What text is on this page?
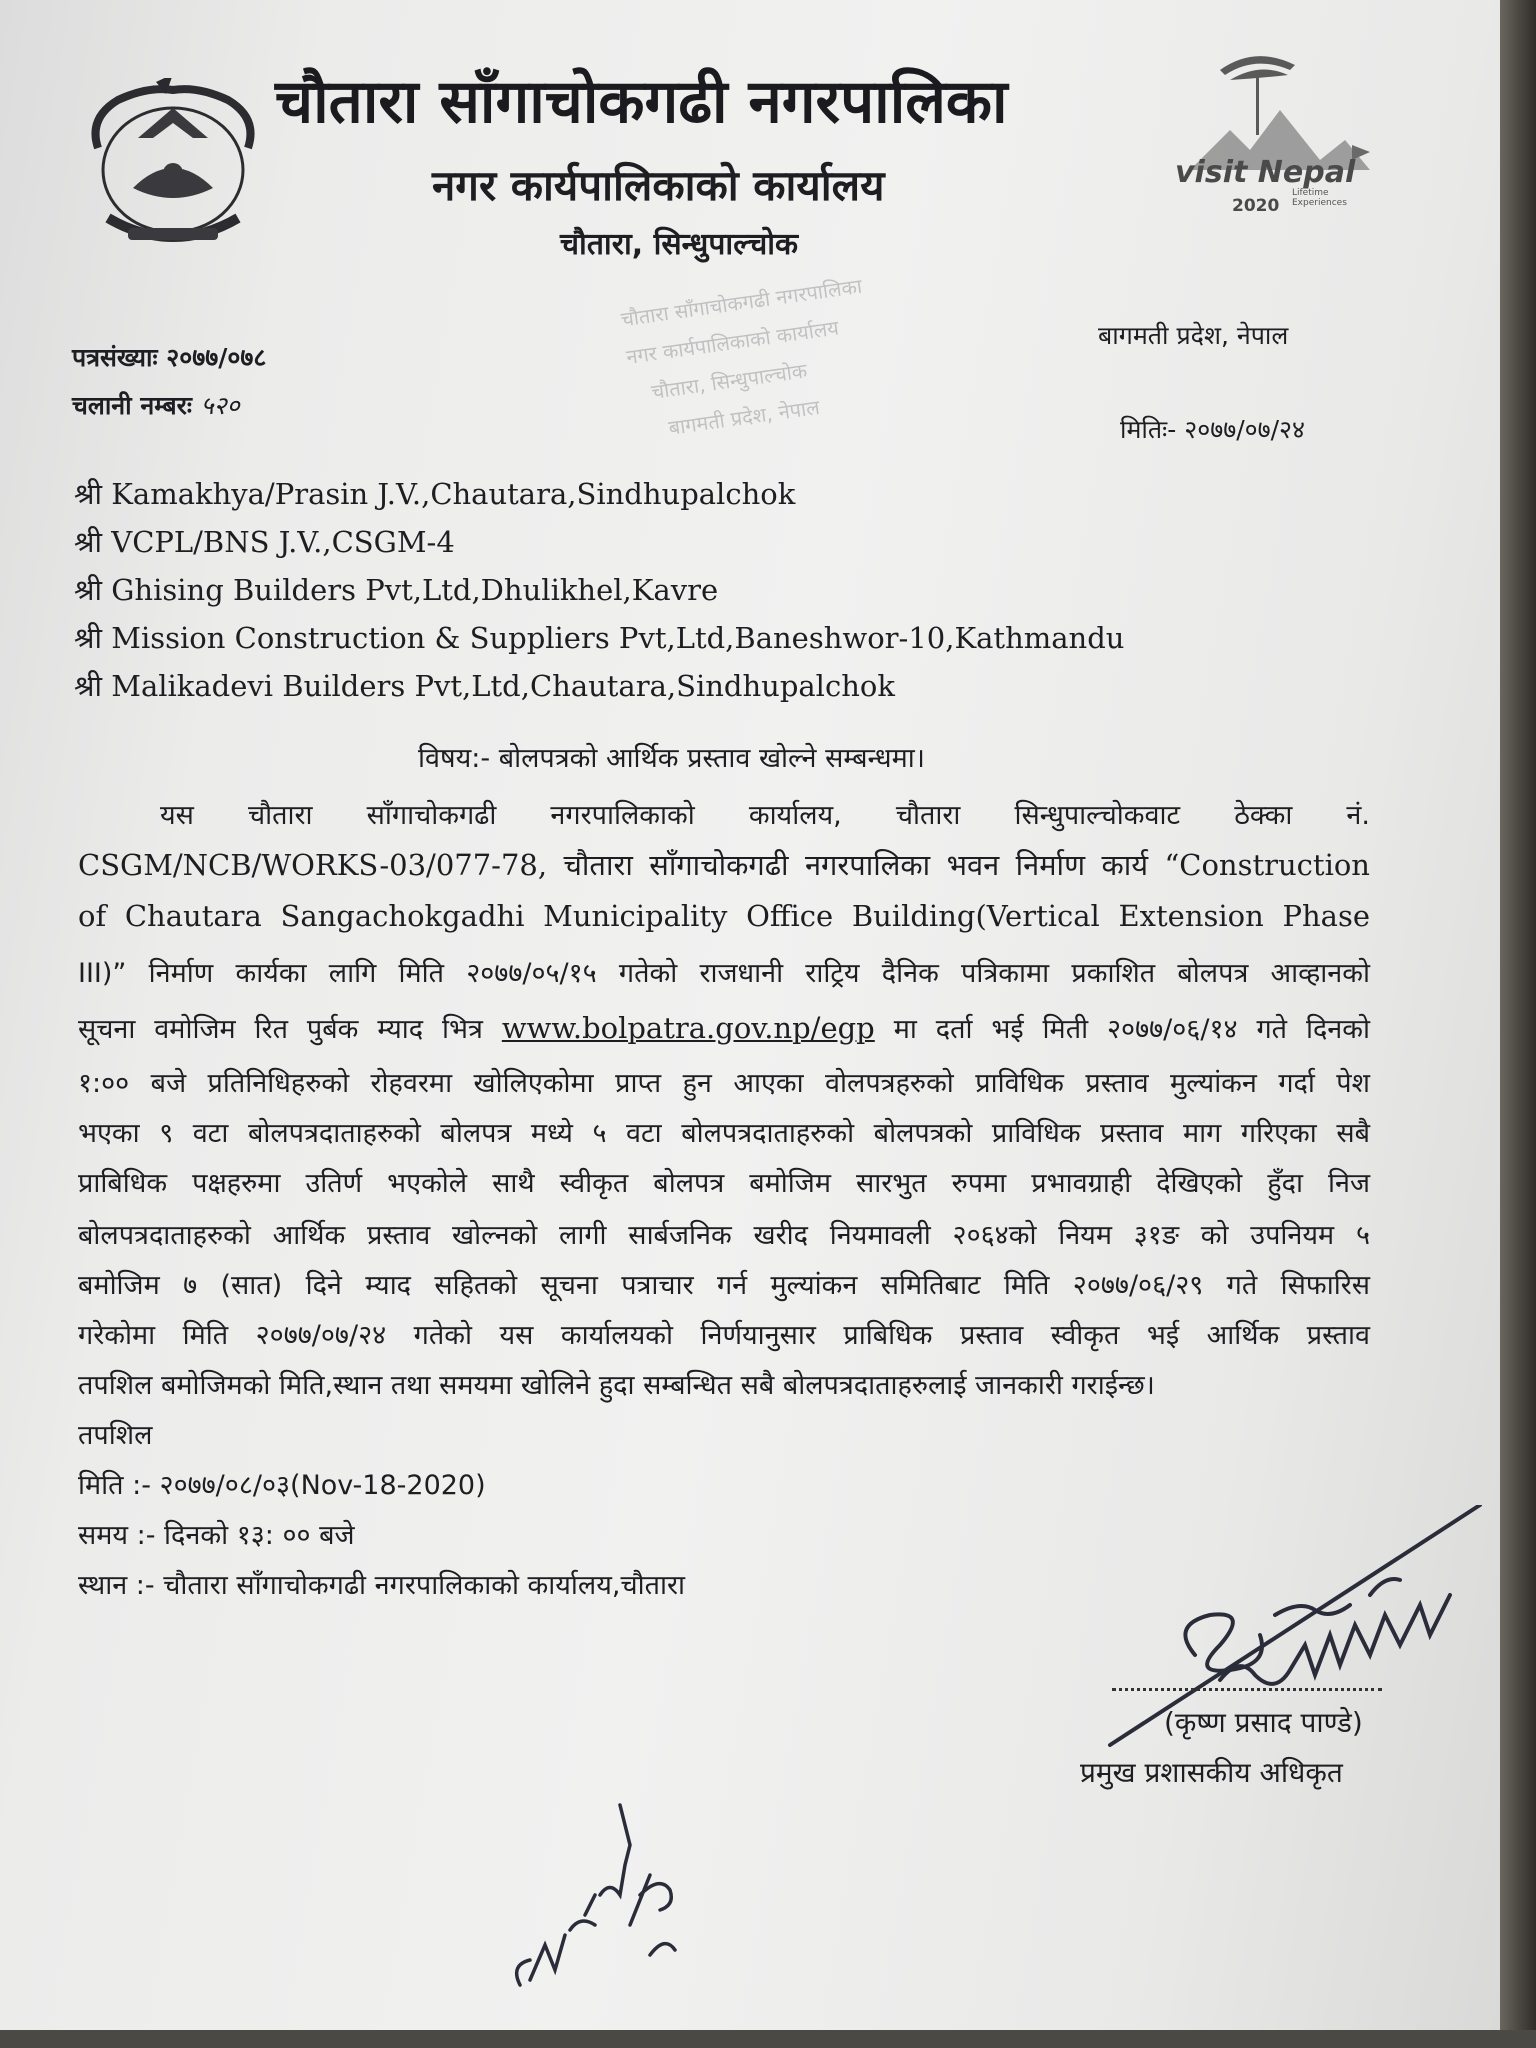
चौतारा साँगाचोकगढी नगरपालिका
नगर कार्यपालिकाको कार्यालय
चौतारा, सिन्धुपाल्चोक
visit Nepal
2020
Lifetime Experiences
पत्रसंख्याः २०७७/०७८
चलानी नम्बरः ५२०
बागमती प्रदेश, नेपाल
मितिः- २०७७/०७/२४
चौतारा साँगाचोकगढी नगरपालिका
नगर कार्यपालिकाको कार्यालय
चौतारा, सिन्धुपाल्चोक
बागमती प्रदेश, नेपाल
श्री Kamakhya/Prasin J.V.,Chautara,Sindhupalchok
श्री VCPL/BNS J.V.,CSGM-4
श्री Ghising Builders Pvt,Ltd,Dhulikhel,Kavre
श्री Mission Construction & Suppliers Pvt,Ltd,Baneshwor-10,Kathmandu
श्री Malikadevi Builders Pvt,Ltd,Chautara,Sindhupalchok
विषय:- बोलपत्रको आर्थिक प्रस्ताव खोल्ने सम्बन्धमा।
यस चौतारा साँगाचोकगढी नगरपालिकाको कार्यालय, चौतारा सिन्धुपाल्चोकवाट ठेक्का नं.
CSGM/NCB/WORKS-03/077-78, चौतारा साँगाचोकगढी नगरपालिका भवन निर्माण कार्य “Construction
of Chautara Sangachokgadhi Municipality Office Building(Vertical Extension Phase
III)” निर्माण कार्यका लागि मिति २०७७/०५/१५ गतेको राजधानी राट्रिय दैनिक पत्रिकामा प्रकाशित बोलपत्र आव्हानको
सूचना वमोजिम रित पुर्बक म्याद भित्र www.bolpatra.gov.np/egp मा दर्ता भई मिती २०७७/०६/१४ गते दिनको
१:०० बजे प्रतिनिधिहरुको रोहवरमा खोलिएकोमा प्राप्त हुन आएका वोलपत्रहरुको प्राविधिक प्रस्ताव मुल्यांकन गर्दा पेश
भएका ९ वटा बोलपत्रदाताहरुको बोलपत्र मध्ये ५ वटा बोलपत्रदाताहरुको बोलपत्रको प्राविधिक प्रस्ताव माग गरिएका सबै
प्राबिधिक पक्षहरुमा उतिर्ण भएकोले साथै स्वीकृत बोलपत्र बमोजिम सारभुत रुपमा प्रभावग्राही देखिएको हुँदा निज
बोलपत्रदाताहरुको आर्थिक प्रस्ताव खोल्नको लागी सार्बजनिक खरीद नियमावली २०६४को नियम ३१ङ को उपनियम ५
बमोजिम ७ (सात) दिने म्याद सहितको सूचना पत्राचार गर्न मुल्यांकन समितिबाट मिति २०७७/०६/२९ गते सिफारिस
गरेकोमा मिति २०७७/०७/२४ गतेको यस कार्यालयको निर्णयानुसार प्राबिधिक प्रस्ताव स्वीकृत भई आर्थिक प्रस्ताव
तपशिल बमोजिमको मिति,स्थान तथा समयमा खोलिने हुदा सम्बन्धित सबै बोलपत्रदाताहरुलाई जानकारी गराईन्छ।
तपशिल
मिति :- २०७७/०८/०३(Nov-18-2020)
समय :- दिनको १३: ०० बजे
स्थान :- चौतारा साँगाचोकगढी नगरपालिकाको कार्यालय,चौतारा
(कृष्ण प्रसाद पाण्डे)
प्रमुख प्रशासकीय अधिकृत
